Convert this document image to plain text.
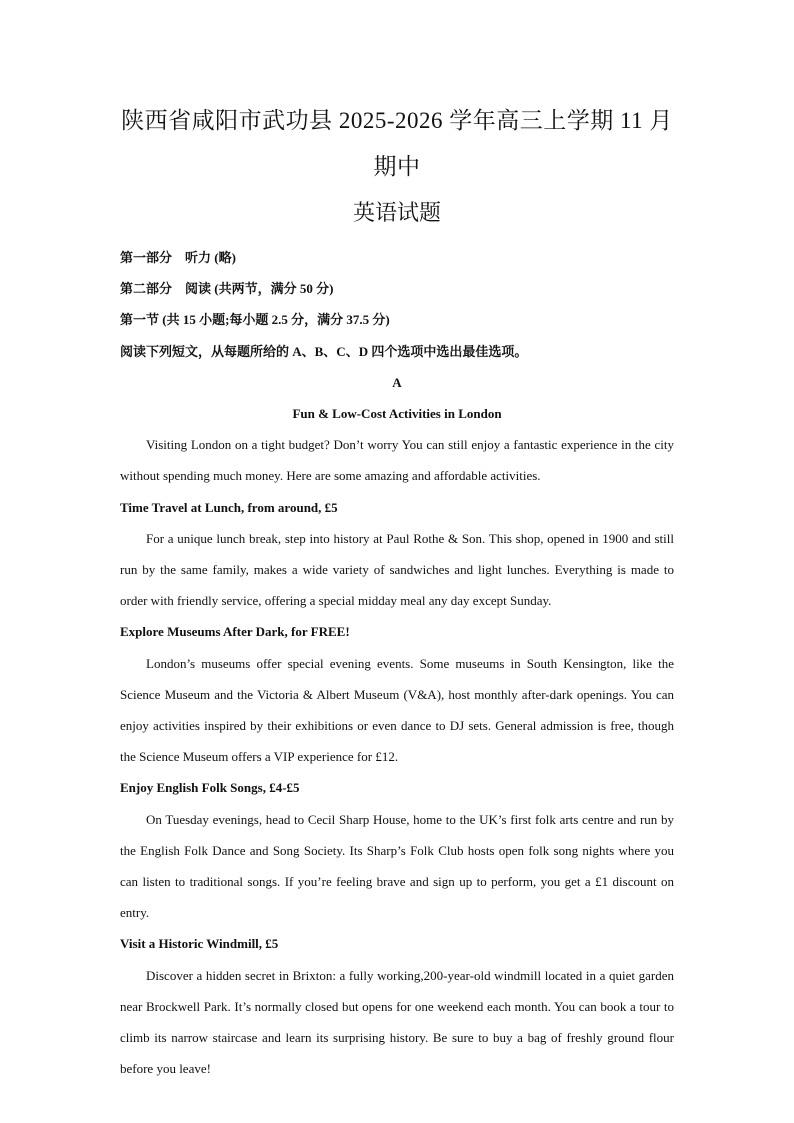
陕西省咸阳市武功县 2025-2026 学年高三上学期 11 月期中
英语试题

第一部分　听力 (略)

第二部分　阅读 (共两节，满分 50 分)

第一节 (共 15 小题;每小题 2.5 分，满分 37.5 分)

阅读下列短文，从每题所给的 A、B、C、D 四个选项中选出最佳选项。

A

Fun & Low-Cost Activities in London

Visiting London on a tight budget? Don’t worry You can still enjoy a fantastic experience in the city without spending much money. Here are some amazing and affordable activities.

Time Travel at Lunch, from around, £5

For a unique lunch break, step into history at Paul Rothe & Son. This shop, opened in 1900 and still run by the same family, makes a wide variety of sandwiches and light lunches. Everything is made to order with friendly service, offering a special midday meal any day except Sunday.

Explore Museums After Dark, for FREE!

London’s museums offer special evening events. Some museums in South Kensington, like the Science Museum and the Victoria & Albert Museum (V&A), host monthly after-dark openings. You can enjoy activities inspired by their exhibitions or even dance to DJ sets. General admission is free, though the Science Museum offers a VIP experience for £12.

Enjoy English Folk Songs, £4-£5

On Tuesday evenings, head to Cecil Sharp House, home to the UK’s first folk arts centre and run by the English Folk Dance and Song Society. Its Sharp’s Folk Club hosts open folk song nights where you can listen to traditional songs. If you’re feeling brave and sign up to perform, you get a £1 discount on entry.

Visit a Historic Windmill, £5

Discover a hidden secret in Brixton: a fully working,200-year-old windmill located in a quiet garden near Brockwell Park. It’s normally closed but opens for one weekend each month. You can book a tour to climb its narrow staircase and learn its surprising history. Be sure to buy a bag of freshly ground flour before you leave!
